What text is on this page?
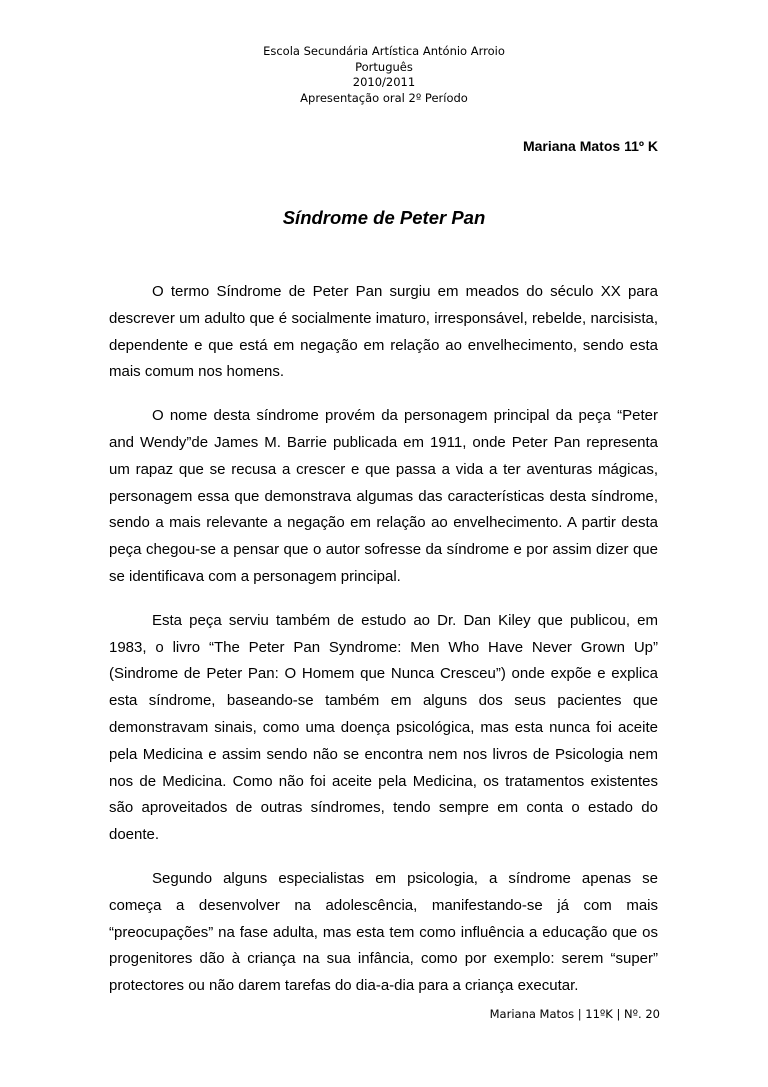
Escola Secundária Artística António Arroio
Português
2010/2011
Apresentação oral 2º Período
Mariana Matos 11º K
Síndrome de Peter Pan

O termo Síndrome de Peter Pan surgiu em meados do século XX para descrever um adulto que é socialmente imaturo, irresponsável, rebelde, narcisista, dependente e que está em negação em relação ao envelhecimento, sendo esta mais comum nos homens.

O nome desta síndrome provém da personagem principal da peça “Peter and Wendy”de James M. Barrie publicada em 1911, onde Peter Pan representa um rapaz que se recusa a crescer e que passa a vida a ter aventuras mágicas, personagem essa que demonstrava algumas das características desta síndrome, sendo a mais relevante a negação em relação ao envelhecimento. A partir desta peça chegou-se a pensar que o autor sofresse da síndrome e por assim dizer que se identificava com a personagem principal.

Esta peça serviu também de estudo ao Dr. Dan Kiley que publicou, em 1983, o livro “The Peter Pan Syndrome: Men Who Have Never Grown Up” (Sindrome de Peter Pan: O Homem que Nunca Cresceu”) onde expõe e explica esta síndrome, baseando-se também em alguns dos seus pacientes que demonstravam sinais, como uma doença psicológica, mas esta nunca foi aceite pela Medicina e assim sendo não se encontra nem nos livros de Psicologia nem nos de Medicina. Como não foi aceite pela Medicina, os tratamentos existentes são aproveitados de outras síndromes, tendo sempre em conta o estado do doente.

Segundo alguns especialistas em psicologia, a síndrome apenas se começa a desenvolver na adolescência, manifestando-se já com mais “preocupações” na fase adulta, mas esta tem como influência a educação que os progenitores dão à criança na sua infância, como por exemplo: serem “super” protectores ou não darem tarefas do dia-a-dia para a criança executar.

Mariana Matos | 11ºK | Nº. 20
